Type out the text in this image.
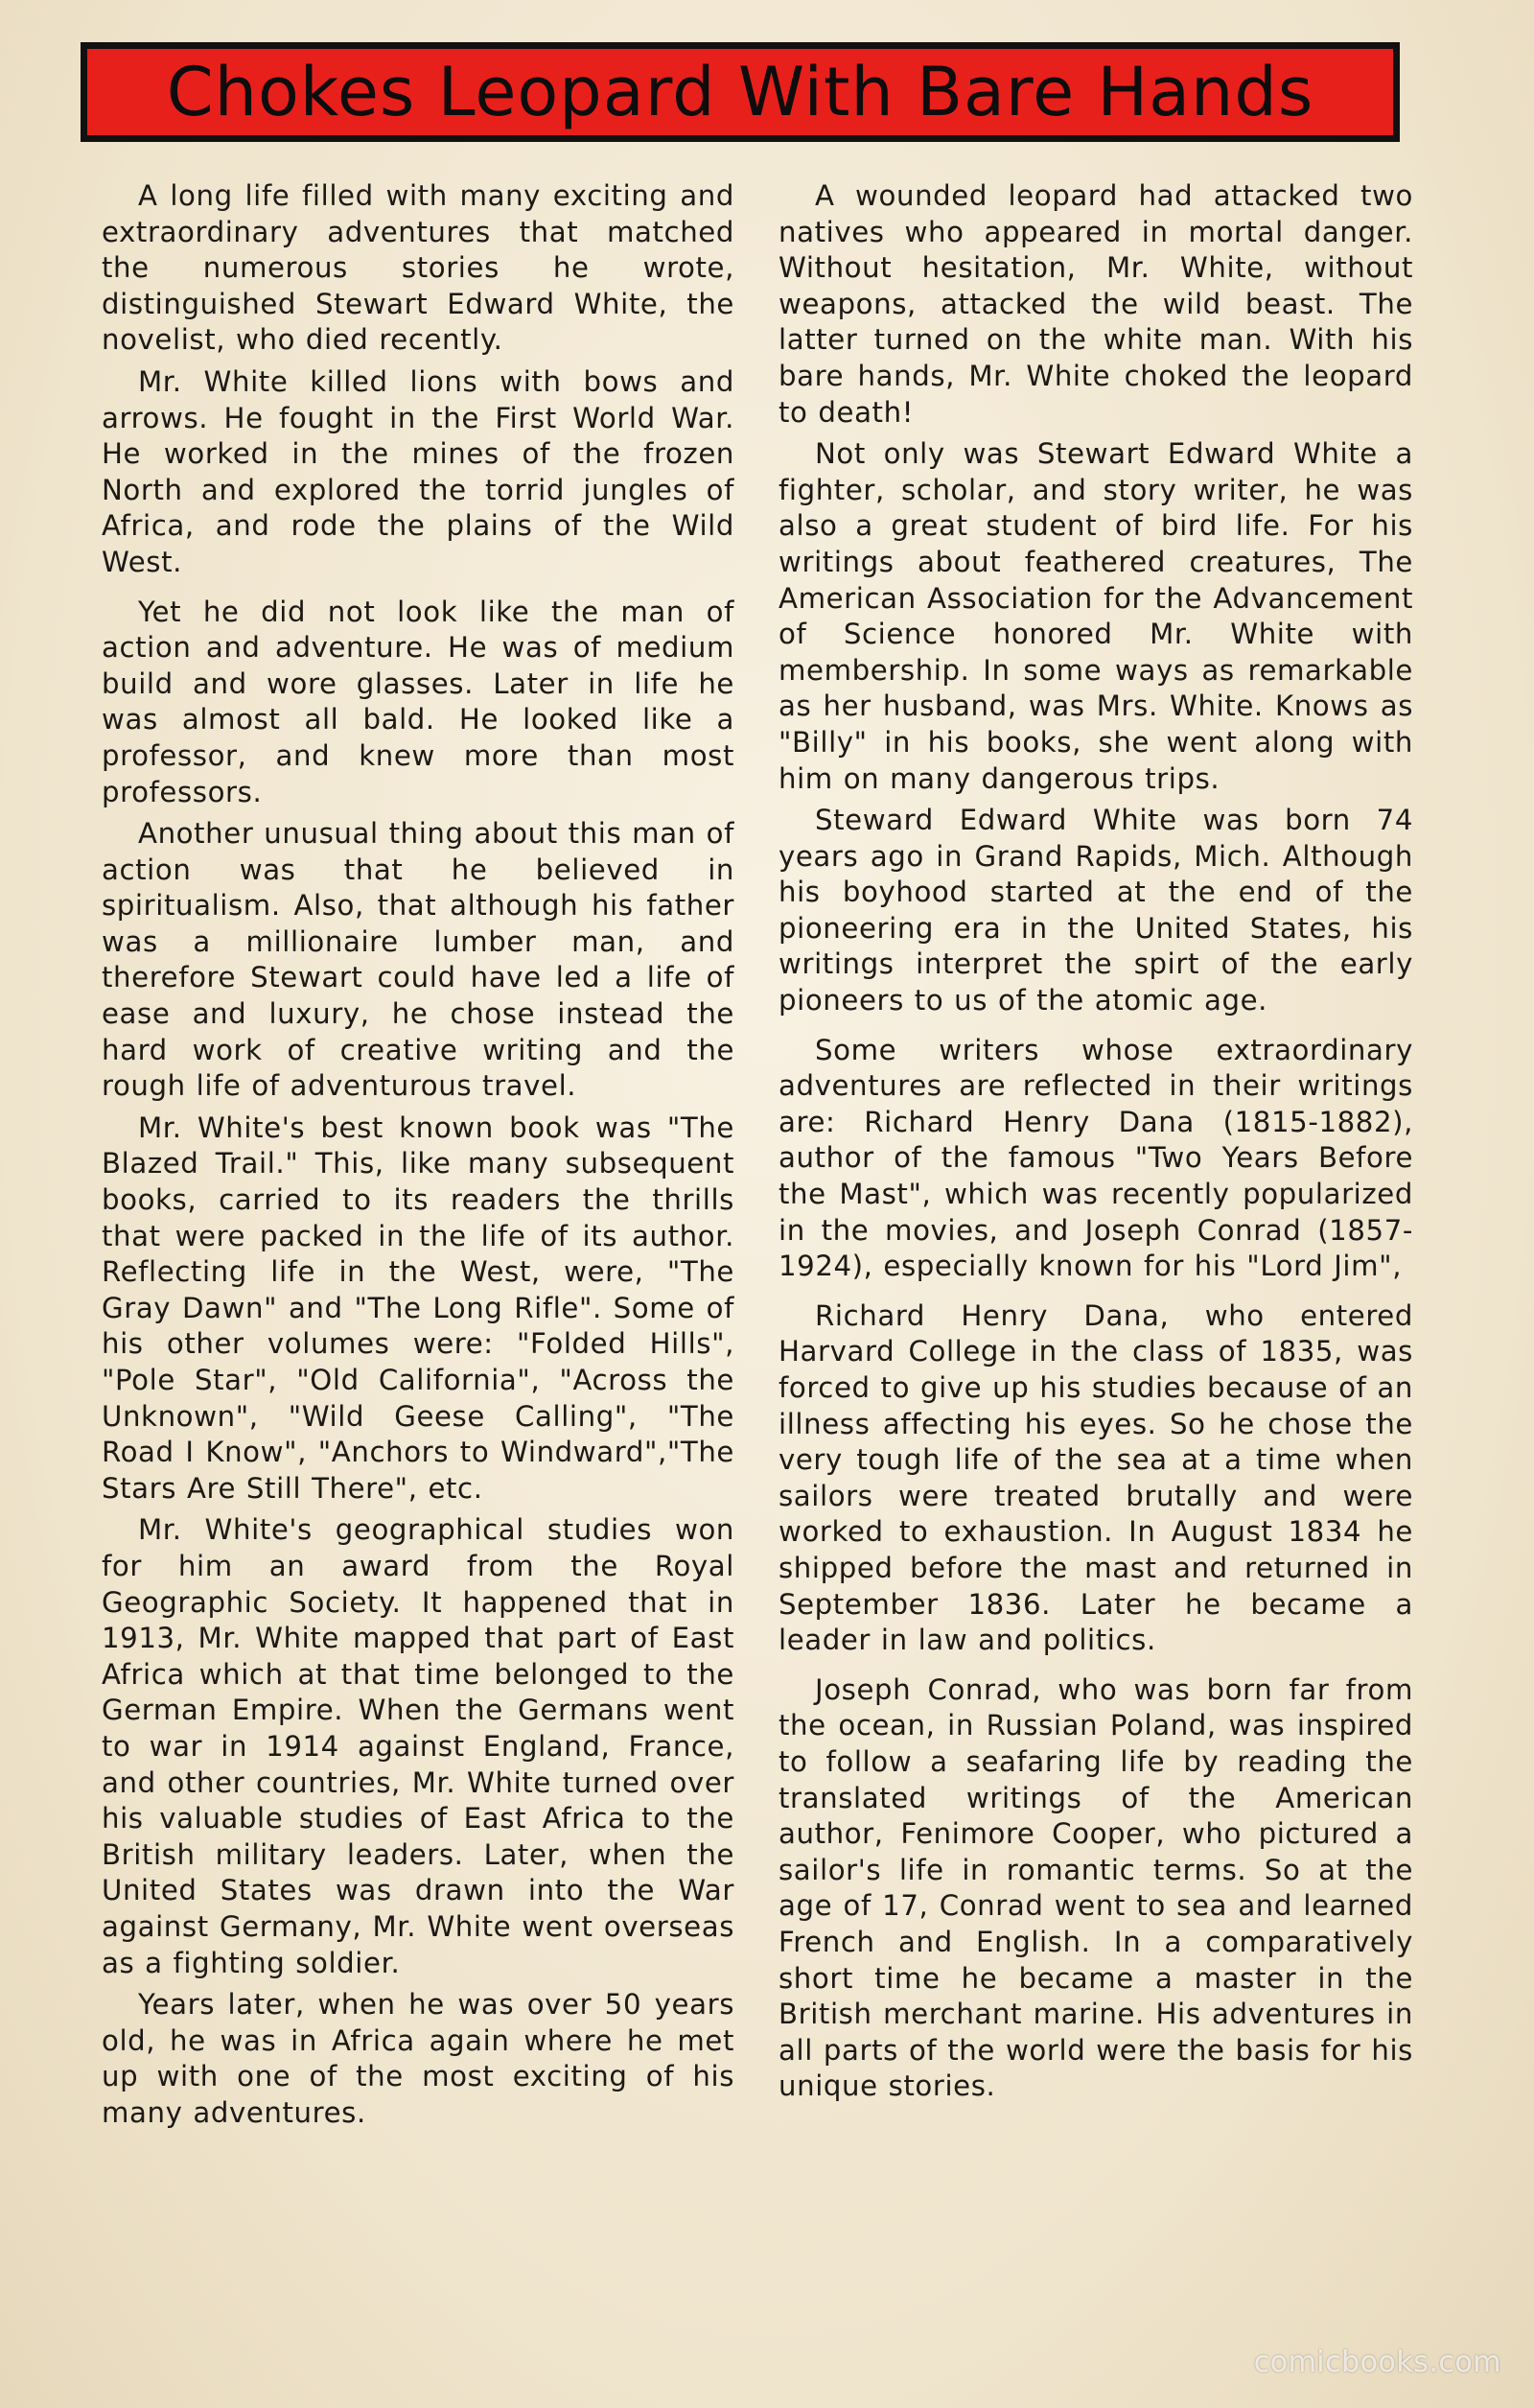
Chokes Leopard With Bare Hands

A long life filled with many exciting and extraordinary adventures that matched the numerous stories he wrote, distinguished Stewart Edward White, the novelist, who died recently.

Mr. White killed lions with bows and arrows. He fought in the First World War. He worked in the mines of the frozen North and explored the torrid jungles of Africa, and rode the plains of the Wild West.

Yet he did not look like the man of action and adventure. He was of medium build and wore glasses. Later in life he was almost all bald. He looked like a professor, and knew more than most professors.

Another unusual thing about this man of action was that he believed in spiritualism. Also, that although his father was a millionaire lumber man, and therefore Stewart could have led a life of ease and luxury, he chose instead the hard work of creative writing and the rough life of adventurous travel.

Mr. White's best known book was "The Blazed Trail." This, like many subsequent books, carried to its readers the thrills that were packed in the life of its author. Reflecting life in the West, were, "The Gray Dawn" and "The Long Rifle". Some of his other volumes were: "Folded Hills", "Pole Star", "Old California", "Across the Unknown", "Wild Geese Calling", "The Road I Know", "Anchors to Windward","The Stars Are Still There", etc.

Mr. White's geographical studies won for him an award from the Royal Geographic Society. It happened that in 1913, Mr. White mapped that part of East Africa which at that time belonged to the German Empire. When the Germans went to war in 1914 against England, France, and other countries, Mr. White turned over his valuable studies of East Africa to the British military leaders. Later, when the United States was drawn into the War against Germany, Mr. White went overseas as a fighting soldier.

Years later, when he was over 50 years old, he was in Africa again where he met up with one of the most exciting of his many adventures.

A wounded leopard had attacked two natives who appeared in mortal danger. Without hesitation, Mr. White, without weapons, attacked the wild beast. The latter turned on the white man. With his bare hands, Mr. White choked the leopard to death!

Not only was Stewart Edward White a fighter, scholar, and story writer, he was also a great student of bird life. For his writings about feathered creatures, The American Association for the Advancement of Science honored Mr. White with membership. In some ways as remarkable as her husband, was Mrs. White. Knows as "Billy" in his books, she went along with him on many dangerous trips.

Steward Edward White was born 74 years ago in Grand Rapids, Mich. Although his boyhood started at the end of the pioneering era in the United States, his writings interpret the spirt of the early pioneers to us of the atomic age.

Some writers whose extraordinary adventures are reflected in their writings are: Richard Henry Dana (1815-1882), author of the famous "Two Years Before the Mast", which was recently popularized in the movies, and Joseph Conrad (1857-1924), especially known for his "Lord Jim",

Richard Henry Dana, who entered Harvard College in the class of 1835, was forced to give up his studies because of an illness affecting his eyes. So he chose the very tough life of the sea at a time when sailors were treated brutally and were worked to exhaustion. In August 1834 he shipped before the mast and returned in September 1836. Later he became a leader in law and politics.

Joseph Conrad, who was born far from the ocean, in Russian Poland, was inspired to follow a seafaring life by reading the translated writings of the American author, Fenimore Cooper, who pictured a sailor's life in romantic terms. So at the age of 17, Conrad went to sea and learned French and English. In a comparatively short time he became a master in the British merchant marine. His adventures in all parts of the world were the basis for his unique stories.

comicbooks.com
